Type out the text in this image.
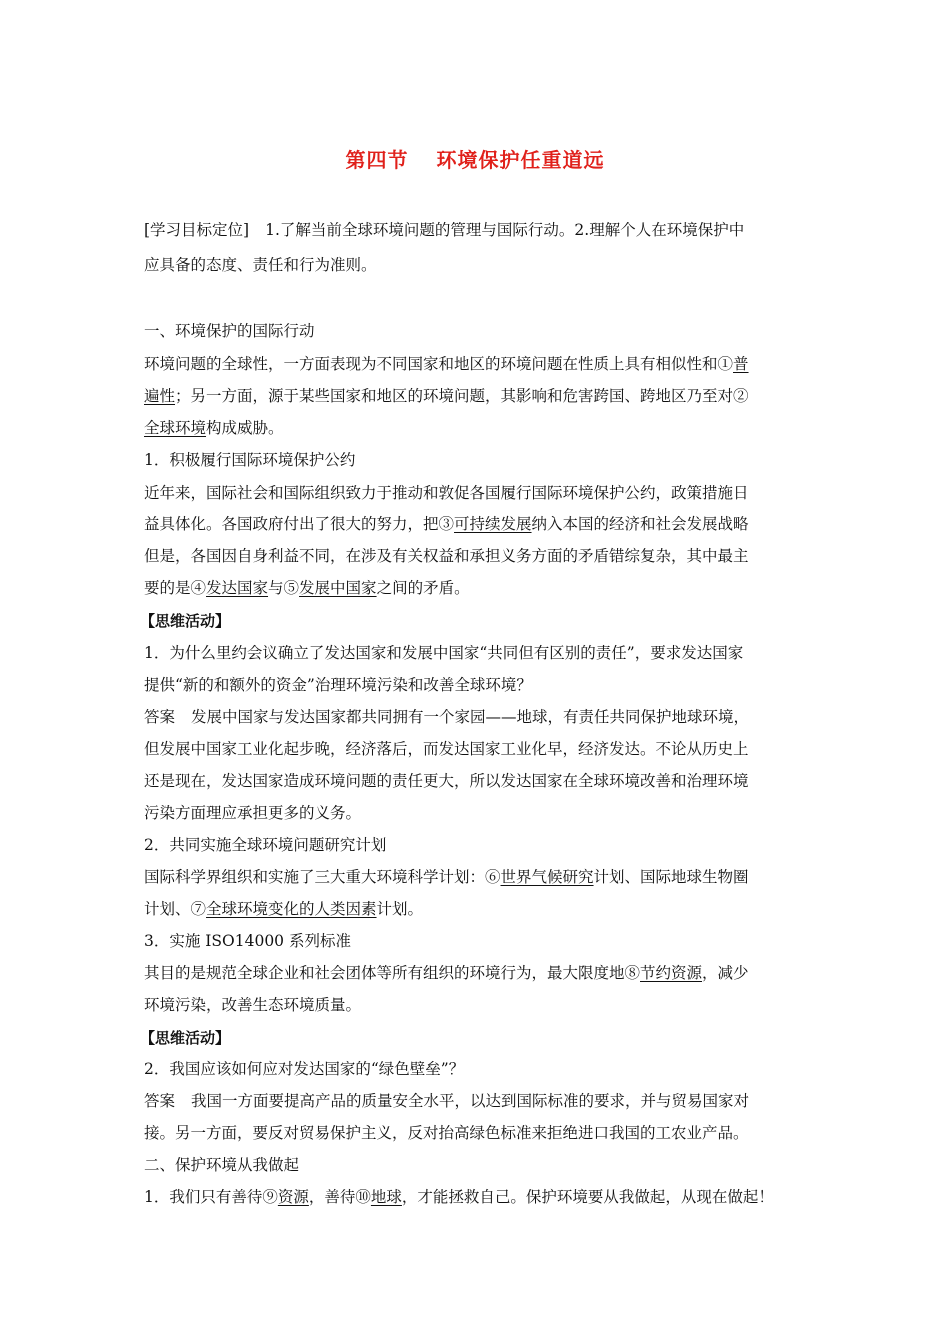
第四节 环境保护任重道远
[学习目标定位] 1.了解当前全球环境问题的管理与国际行动。2.理解个人在环境保护中
应具备的态度、责任和行为准则。
一、环境保护的国际行动
环境问题的全球性，一方面表现为不同国家和地区的环境问题在性质上具有相似性和①普
遍性；另一方面，源于某些国家和地区的环境问题，其影响和危害跨国、跨地区乃至对②
全球环境构成威胁。
1．积极履行国际环境保护公约
近年来，国际社会和国际组织致力于推动和敦促各国履行国际环境保护公约，政策措施日
益具体化。各国政府付出了很大的努力，把③可持续发展纳入本国的经济和社会发展战略
但是，各国因自身利益不同，在涉及有关权益和承担义务方面的矛盾错综复杂，其中最主
要的是④发达国家与⑤发展中国家之间的矛盾。
【思维活动】
1．为什么里约会议确立了发达国家和发展中国家“共同但有区别的责任”，要求发达国家
提供“新的和额外的资金”治理环境污染和改善全球环境？
答案 发展中国家与发达国家都共同拥有一个家园——地球，有责任共同保护地球环境，
但发展中国家工业化起步晚，经济落后，而发达国家工业化早，经济发达。不论从历史上
还是现在，发达国家造成环境问题的责任更大，所以发达国家在全球环境改善和治理环境
污染方面理应承担更多的义务。
2．共同实施全球环境问题研究计划
国际科学界组织和实施了三大重大环境科学计划：⑥世界气候研究计划、国际地球生物圈
计划、⑦全球环境变化的人类因素计划。
3．实施 ISO14000 系列标准
其目的是规范全球企业和社会团体等所有组织的环境行为，最大限度地⑧节约资源，减少
环境污染，改善生态环境质量。
【思维活动】
2．我国应该如何应对发达国家的“绿色壁垒”？
答案 我国一方面要提高产品的质量安全水平，以达到国际标准的要求，并与贸易国家对
接。另一方面，要反对贸易保护主义，反对抬高绿色标准来拒绝进口我国的工农业产品。
二、保护环境从我做起
1．我们只有善待⑨资源，善待⑩地球，才能拯救自己。保护环境要从我做起，从现在做起！
